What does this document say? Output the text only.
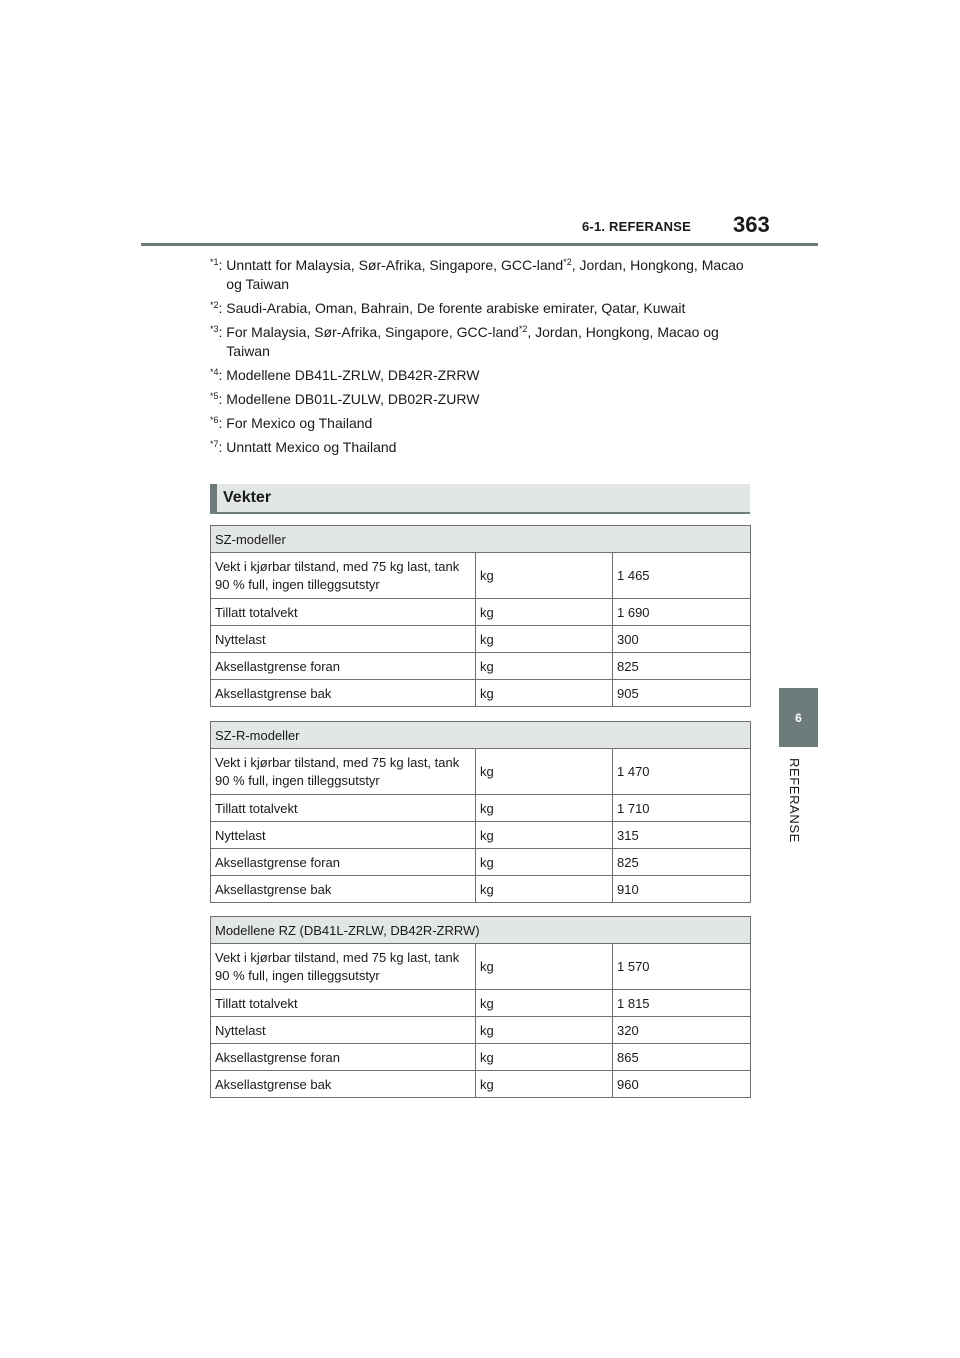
6-1. REFERANSE 363
6
REFERANSE
$^{*1}$: Unntatt for Malaysia, Sør-Afrika, Singapore, GCC-land$^{*2}$, Jordan, Hongkong, Macao og Taiwan
$^{*2}$: Saudi-Arabia, Oman, Bahrain, De forente arabiske emirater, Qatar, Kuwait
$^{*3}$: For Malaysia, Sør-Afrika, Singapore, GCC-land$^{*2}$, Jordan, Hongkong, Macao og Taiwan
$^{*4}$: Modellene DB41L-ZRLW, DB42R-ZRRW
$^{*5}$: Modellene DB01L-ZULW, DB02R-ZURW
$^{*6}$: For Mexico og Thailand
$^{*7}$: Unntatt Mexico og Thailand
Vekter
SZ-modeller		
Vekt i kjørbar tilstand, med 75 kg last, tank 90 % full, ingen tilleggsutstyr	kg	1 465
Tillatt totalvekt	kg	1 690
Nyttelast	kg	300
Aksellastgrense foran	kg	825
Aksellastgrense bak	kg	905
SZ-R-modeller		
Vekt i kjørbar tilstand, med 75 kg last, tank 90 % full, ingen tilleggsutstyr	kg	1 470
Tillatt totalvekt	kg	1 710
Nyttelast	kg	315
Aksellastgrense foran	kg	825
Aksellastgrense bak	kg	910
Modellene RZ (DB41L-ZRLW, DB42R-ZRRW)		
Vekt i kjørbar tilstand, med 75 kg last, tank 90 % full, ingen tilleggsutstyr	kg	1 570
Tillatt totalvekt	kg	1 815
Nyttelast	kg	320
Aksellastgrense foran	kg	865
Aksellastgrense bak	kg	960
